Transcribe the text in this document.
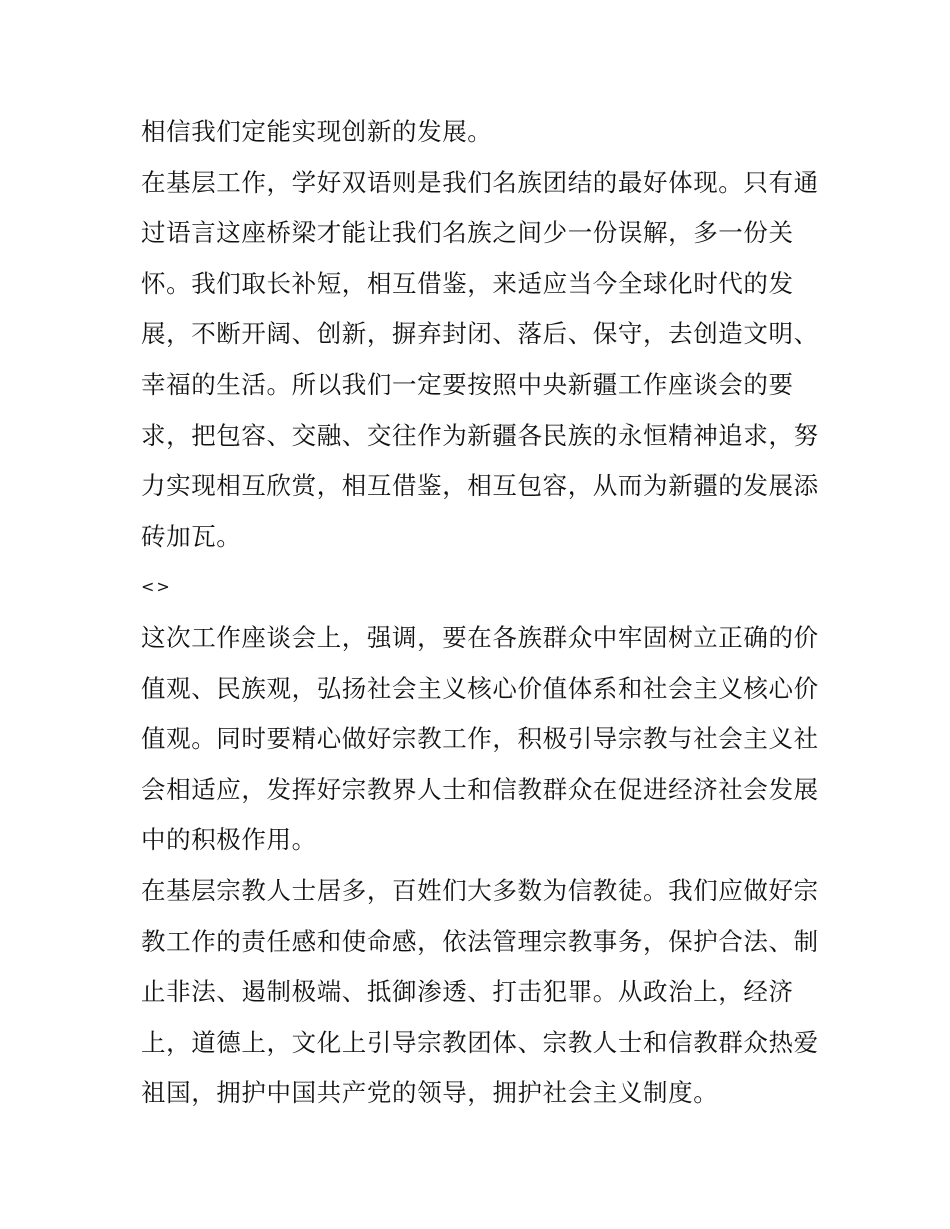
相信我们定能实现创新的发展。

在基层工作，学好双语则是我们名族团结的最好体现。只有通过语言这座桥梁才能让我们名族之间少一份误解，多一份关怀。我们取长补短，相互借鉴，来适应当今全球化时代的发展，不断开阔、创新，摒弃封闭、落后、保守，去创造文明、幸福的生活。所以我们一定要按照中央新疆工作座谈会的要求，把包容、交融、交往作为新疆各民族的永恒精神追求，努力实现相互欣赏，相互借鉴，相互包容，从而为新疆的发展添砖加瓦。

<>

这次工作座谈会上，强调，要在各族群众中牢固树立正确的价值观、民族观，弘扬社会主义核心价值体系和社会主义核心价值观。同时要精心做好宗教工作，积极引导宗教与社会主义社会相适应，发挥好宗教界人士和信教群众在促进经济社会发展中的积极作用。

在基层宗教人士居多，百姓们大多数为信教徒。我们应做好宗教工作的责任感和使命感，依法管理宗教事务，保护合法、制止非法、遏制极端、抵御渗透、打击犯罪。从政治上，经济上，道德上，文化上引导宗教团体、宗教人士和信教群众热爱祖国，拥护中国共产党的领导，拥护社会主义制度。
